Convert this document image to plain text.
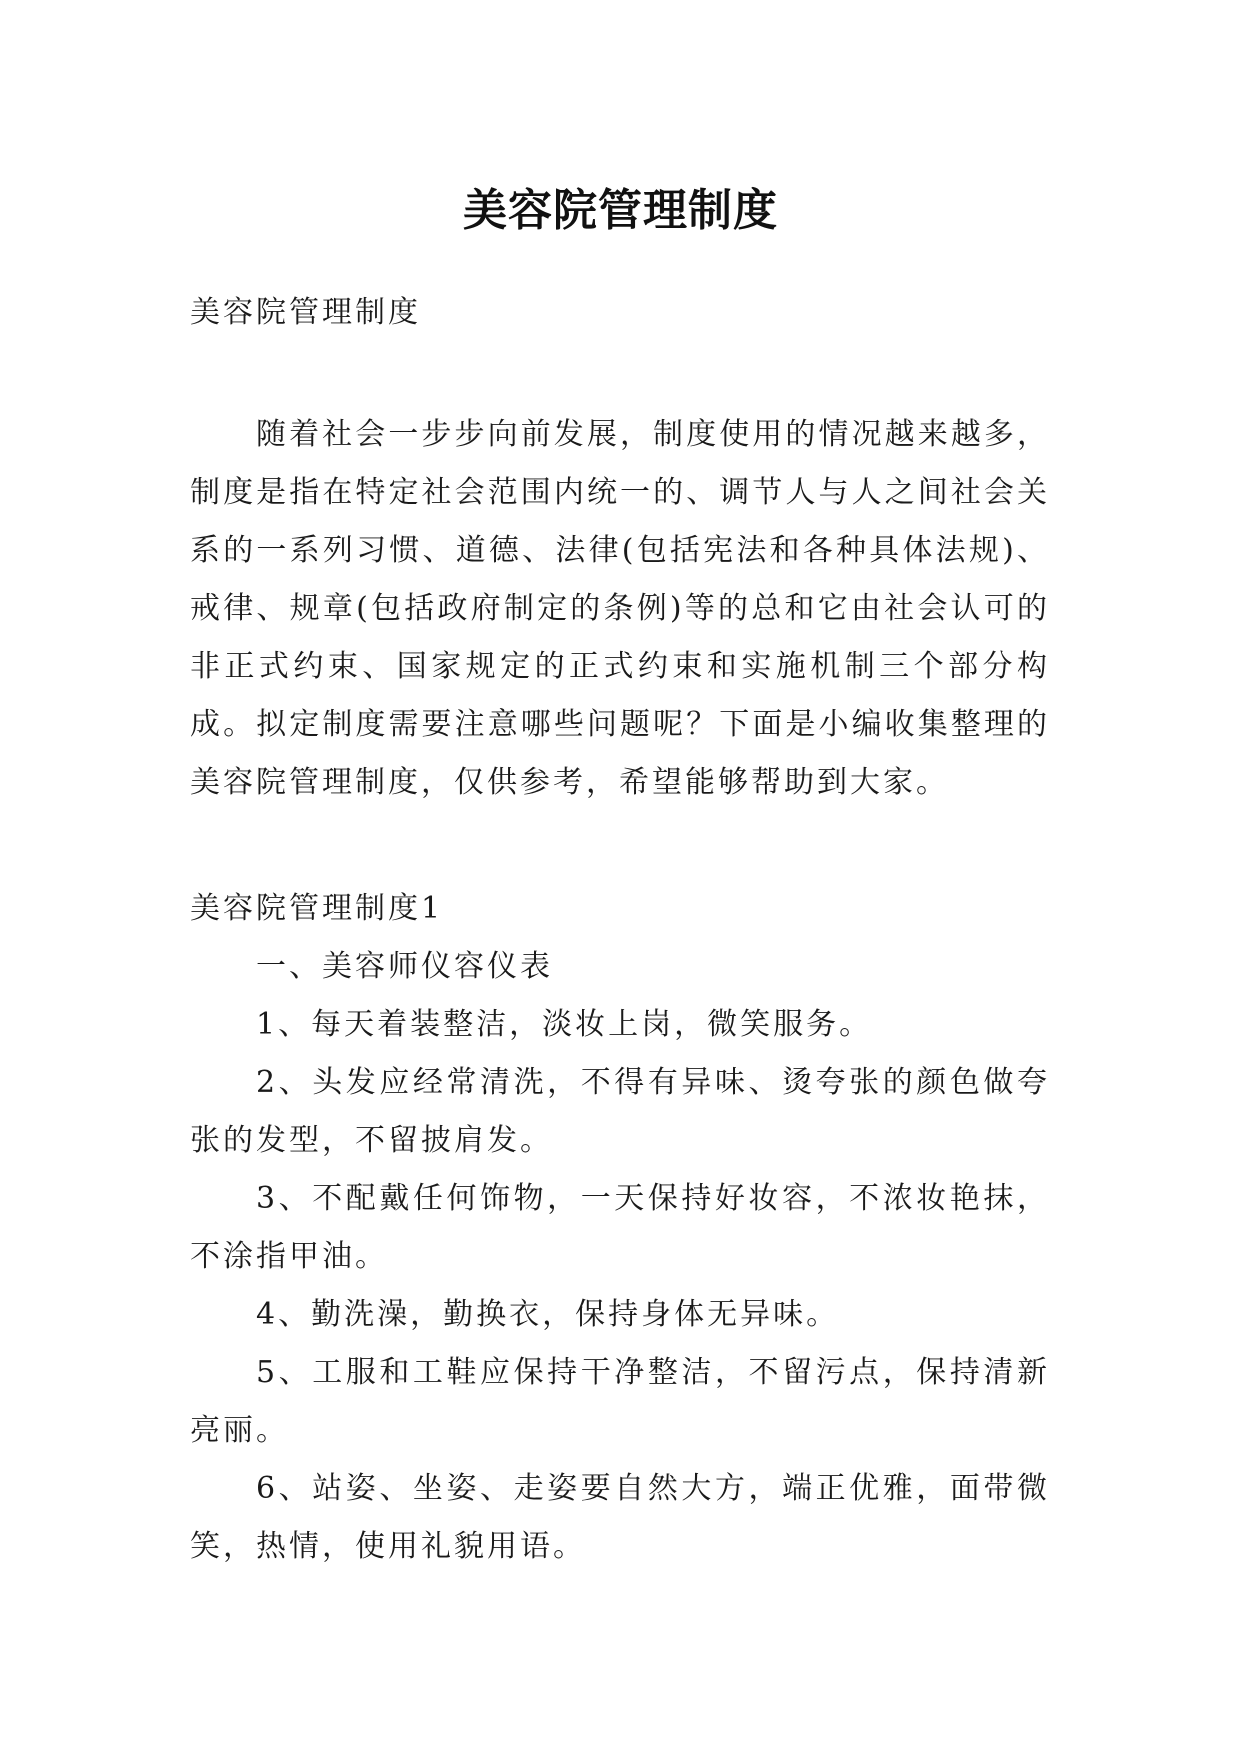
美容院管理制度

美容院管理制度

随着社会一步步向前发展，制度使用的情况越来越多，制度是指在特定社会范围内统一的、调节人与人之间社会关系的一系列习惯、道德、法律(包括宪法和各种具体法规)、戒律、规章(包括政府制定的条例)等的总和它由社会认可的非正式约束、国家规定的正式约束和实施机制三个部分构成。拟定制度需要注意哪些问题呢？下面是小编收集整理的美容院管理制度，仅供参考，希望能够帮助到大家。

美容院管理制度1

一、美容师仪容仪表

1、每天着装整洁，淡妆上岗，微笑服务。

2、头发应经常清洗，不得有异味、烫夸张的颜色做夸张的发型，不留披肩发。

3、不配戴任何饰物，一天保持好妆容，不浓妆艳抹，不涂指甲油。

4、勤洗澡，勤换衣，保持身体无异味。

5、工服和工鞋应保持干净整洁，不留污点，保持清新亮丽。

6、站姿、坐姿、走姿要自然大方，端正优雅，面带微笑，热情，使用礼貌用语。
